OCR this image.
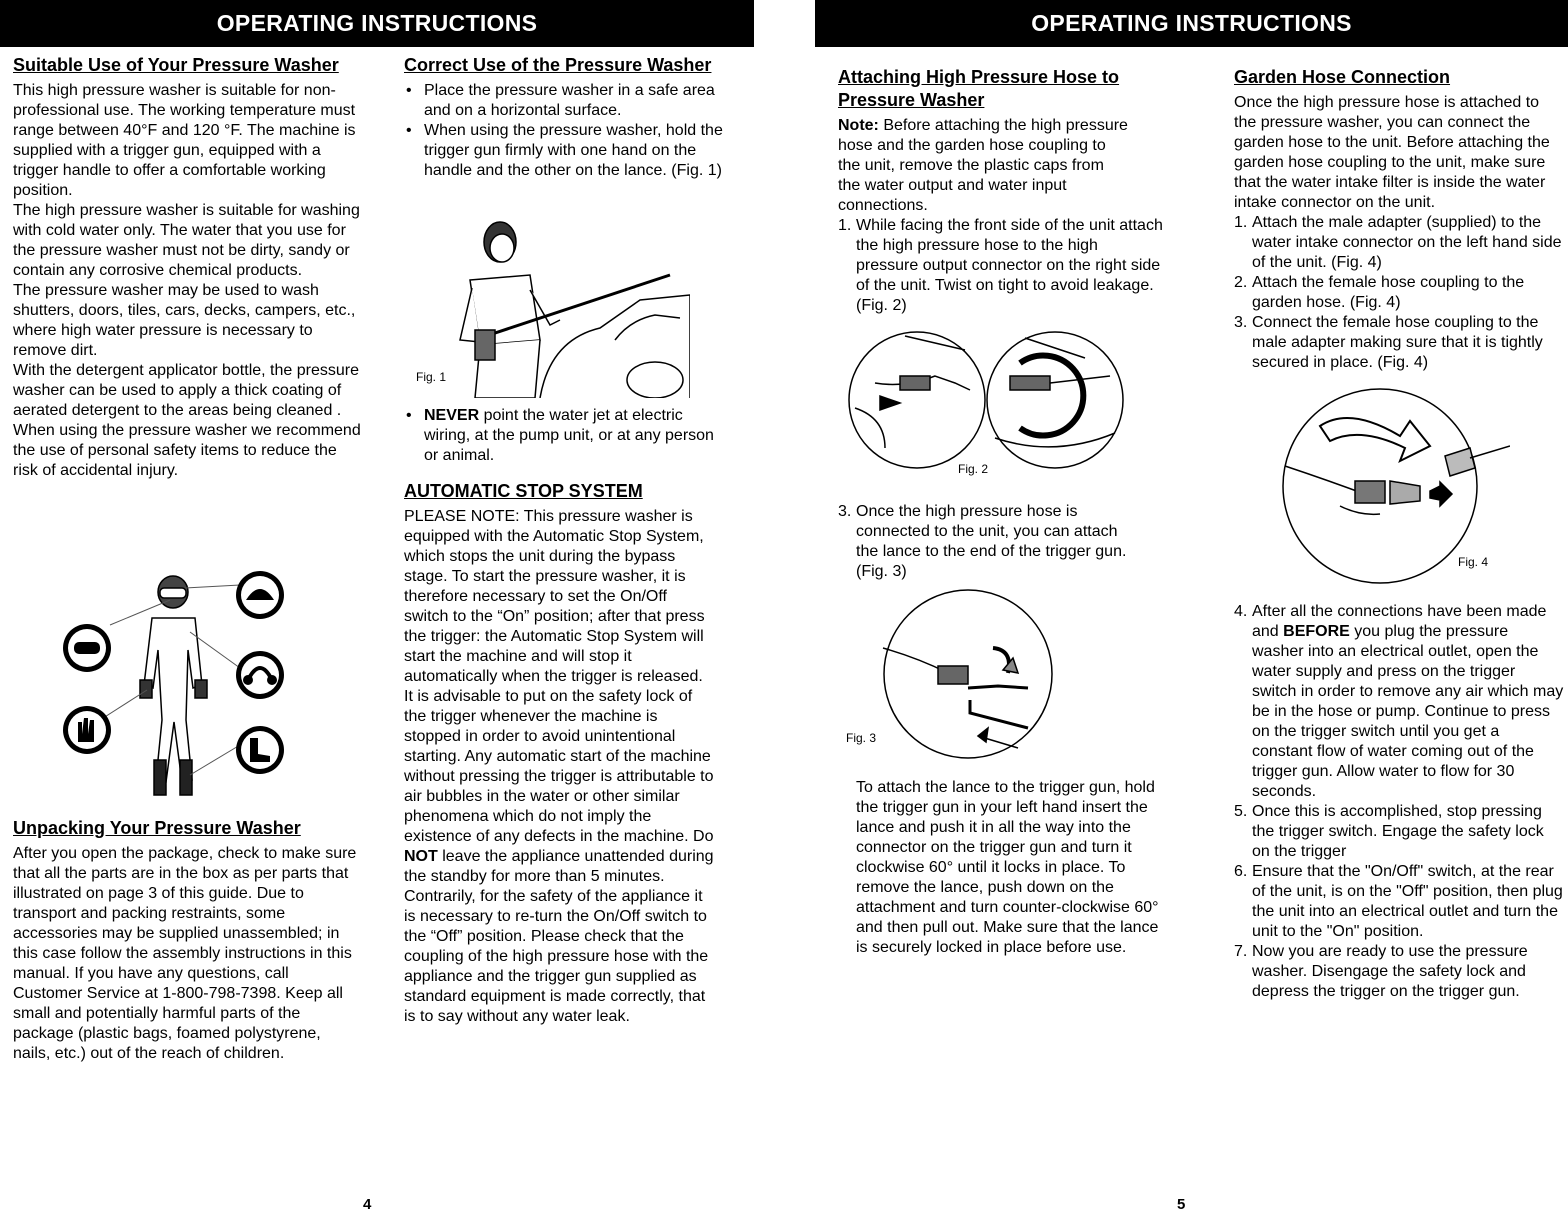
OPERATING INSTRUCTIONS
Suitable Use of Your Pressure Washer

This high pressure washer is suitable for non-professional use. The working temperature must range between 40°F and 120 °F. The machine is supplied with a trigger gun, equipped with a trigger handle to offer a comfortable working position.

The high pressure washer is suitable for washing with cold water only. The water that you use for the pressure washer must not be dirty, sandy or contain any corrosive chemical products.

The pressure washer may be used to wash shutters, doors, tiles, cars, decks, campers, etc., where high water pressure is necessary to remove dirt.

With the detergent applicator bottle, the pressure washer can be used to apply a thick coating of aerated detergent to the areas being cleaned .

When using the pressure washer we recommend the use of personal safety items to reduce the risk of accidental injury.

Unpacking Your Pressure Washer

After you open the package, check to make sure that all the parts are in the box as per parts that illustrated on page 3 of this guide. Due to transport and packing restraints, some accessories may be supplied unassembled; in this case follow the assembly instructions in this manual. If you have any questions, call Customer Service at 1-800-798-7398. Keep all small and potentially harmful parts of the package (plastic bags, foamed polystyrene, nails, etc.) out of the reach of children.

Correct Use of the Pressure Washer
• Place the pressure washer in a safe area and on a horizontal surface.
• When using the pressure washer, hold the trigger gun firmly with one hand on the handle and the other on the lance. (Fig. 1)
Fig. 1
• NEVER point the water jet at electric wiring, at the pump unit, or at any person or animal.
AUTOMATIC STOP SYSTEM

PLEASE NOTE: This pressure washer is equipped with the Automatic Stop System, which stops the unit during the bypass stage. To start the pressure washer, it is therefore necessary to set the On/Off switch to the “On” position; after that press the trigger: the Automatic Stop System will start the machine and will stop it automatically when the trigger is released. It is advisable to put on the safety lock of the trigger whenever the machine is stopped in order to avoid unintentional starting. Any automatic start of the machine without pressing the trigger is attributable to air bubbles in the water or other similar phenomena which do not imply the existence of any defects in the machine. Do NOT leave the appliance unattended during the standby for more than 5 minutes. Contrarily, for the safety of the appliance it is necessary to re-turn the On/Off switch to the “Off” position. Please check that the coupling of the high pressure hose with the appliance and the trigger gun supplied as standard equipment is made correctly, that is to say without any water leak.

4
OPERATING INSTRUCTIONS
Attaching High Pressure Hose to Pressure Washer

Note: Before attaching the high pressure hose and the garden hose coupling to the unit, remove the plastic caps from the water output and water input connections.

1. While facing the front side of the unit attach the high pressure hose to the high pressure output connector on the right side of the unit. Twist on tight to avoid leakage. (Fig. 2)
Fig. 2
3. Once the high pressure hose is connected to the unit, you can attach the lance to the end of the trigger gun. (Fig. 3)
Fig. 3

To attach the lance to the trigger gun, hold the trigger gun in your left hand insert the lance and push it in all the way into the connector on the trigger gun and turn it clockwise 60° until it locks in place. To remove the lance, push down on the attachment and turn counter-clockwise 60° and then pull out. Make sure that the lance is securely locked in place before use.

Garden Hose Connection

Once the high pressure hose is attached to the pressure washer, you can connect the garden hose to the unit. Before attaching the garden hose coupling to the unit, make sure that the water intake filter is inside the water intake connector on the unit.

1. Attach the male adapter (supplied) to the water intake connector on the left hand side of the unit. (Fig. 4)
2. Attach the female hose coupling to the garden hose. (Fig. 4)
3. Connect the female hose coupling to the male adapter making sure that it is tightly secured in place. (Fig. 4)
Fig. 4
4. After all the connections have been made and BEFORE you plug the pressure washer into an electrical outlet, open the water supply and press on the trigger switch in order to remove any air which may be in the hose or pump. Continue to press on the trigger switch until you get a constant flow of water coming out of the trigger gun. Allow water to flow for 30 seconds.
5. Once this is accomplished, stop pressing the trigger switch. Engage the safety lock on the trigger
6. Ensure that the "On/Off" switch, at the rear of the unit, is on the "Off" position, then plug the unit into an electrical outlet and turn the unit to the "On" position.
7. Now you are ready to use the pressure washer. Disengage the safety lock and depress the trigger on the trigger gun.
5
